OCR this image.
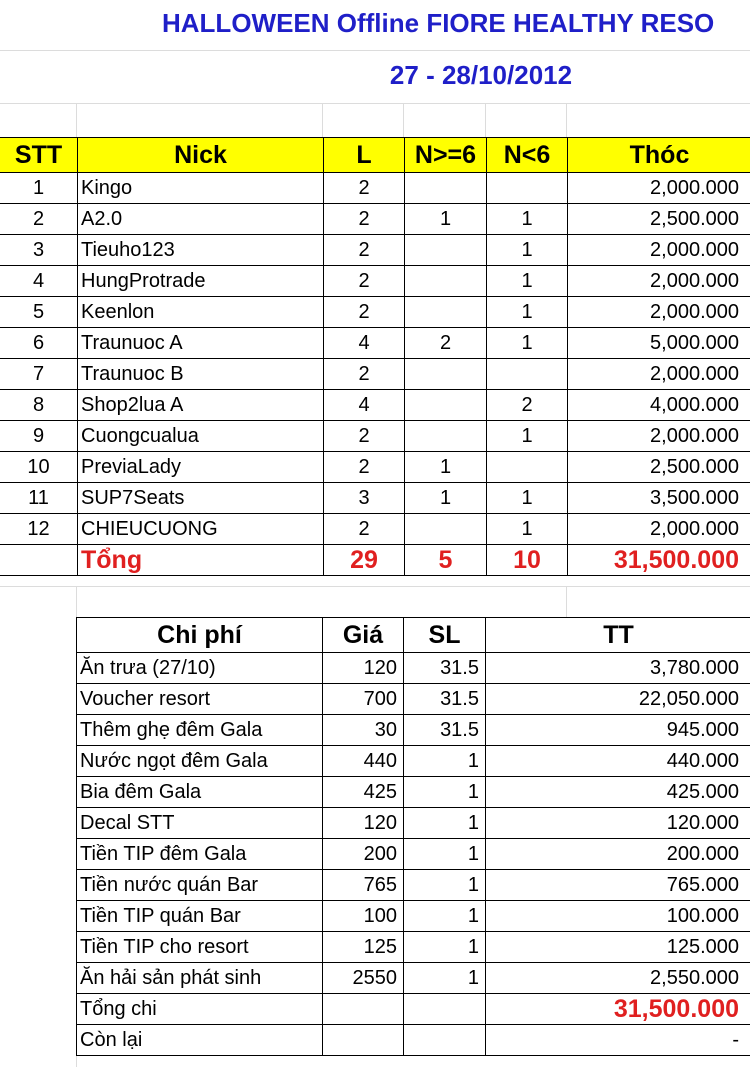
HALLOWEEN Offline FIORE HEALTHY RESO
27 - 28/10/2012
STT	Nick	L	N>=6	N<6	Thóc
1	Kingo	2			2,000.000
2	A2.0	2	1	1	2,500.000
3	Tieuho123	2		1	2,000.000
4	HungProtrade	2		1	2,000.000
5	Keenlon	2		1	2,000.000
6	Traunuoc A	4	2	1	5,000.000
7	Traunuoc B	2			2,000.000
8	Shop2lua A	4		2	4,000.000
9	Cuongcualua	2		1	2,000.000
10	PreviaLady	2	1		2,500.000
11	SUP7Seats	3	1	1	3,500.000
12	CHIEUCUONG	2		1	2,000.000
	Tổng	29	5	10	31,500.000
Chi phí	Giá	SL	TT
Ăn trưa (27/10)	120	31.5	3,780.000
Voucher resort	700	31.5	22,050.000
Thêm ghẹ đêm Gala	30	31.5	945.000
Nước ngọt đêm Gala	440	1	440.000
Bia đêm Gala	425	1	425.000
Decal STT	120	1	120.000
Tiền TIP đêm Gala	200	1	200.000
Tiền nước quán Bar	765	1	765.000
Tiền TIP quán Bar	100	1	100.000
Tiền TIP cho resort	125	1	125.000
Ăn hải sản phát sinh	2550	1	2,550.000
Tổng chi			31,500.000
Còn lại			-
